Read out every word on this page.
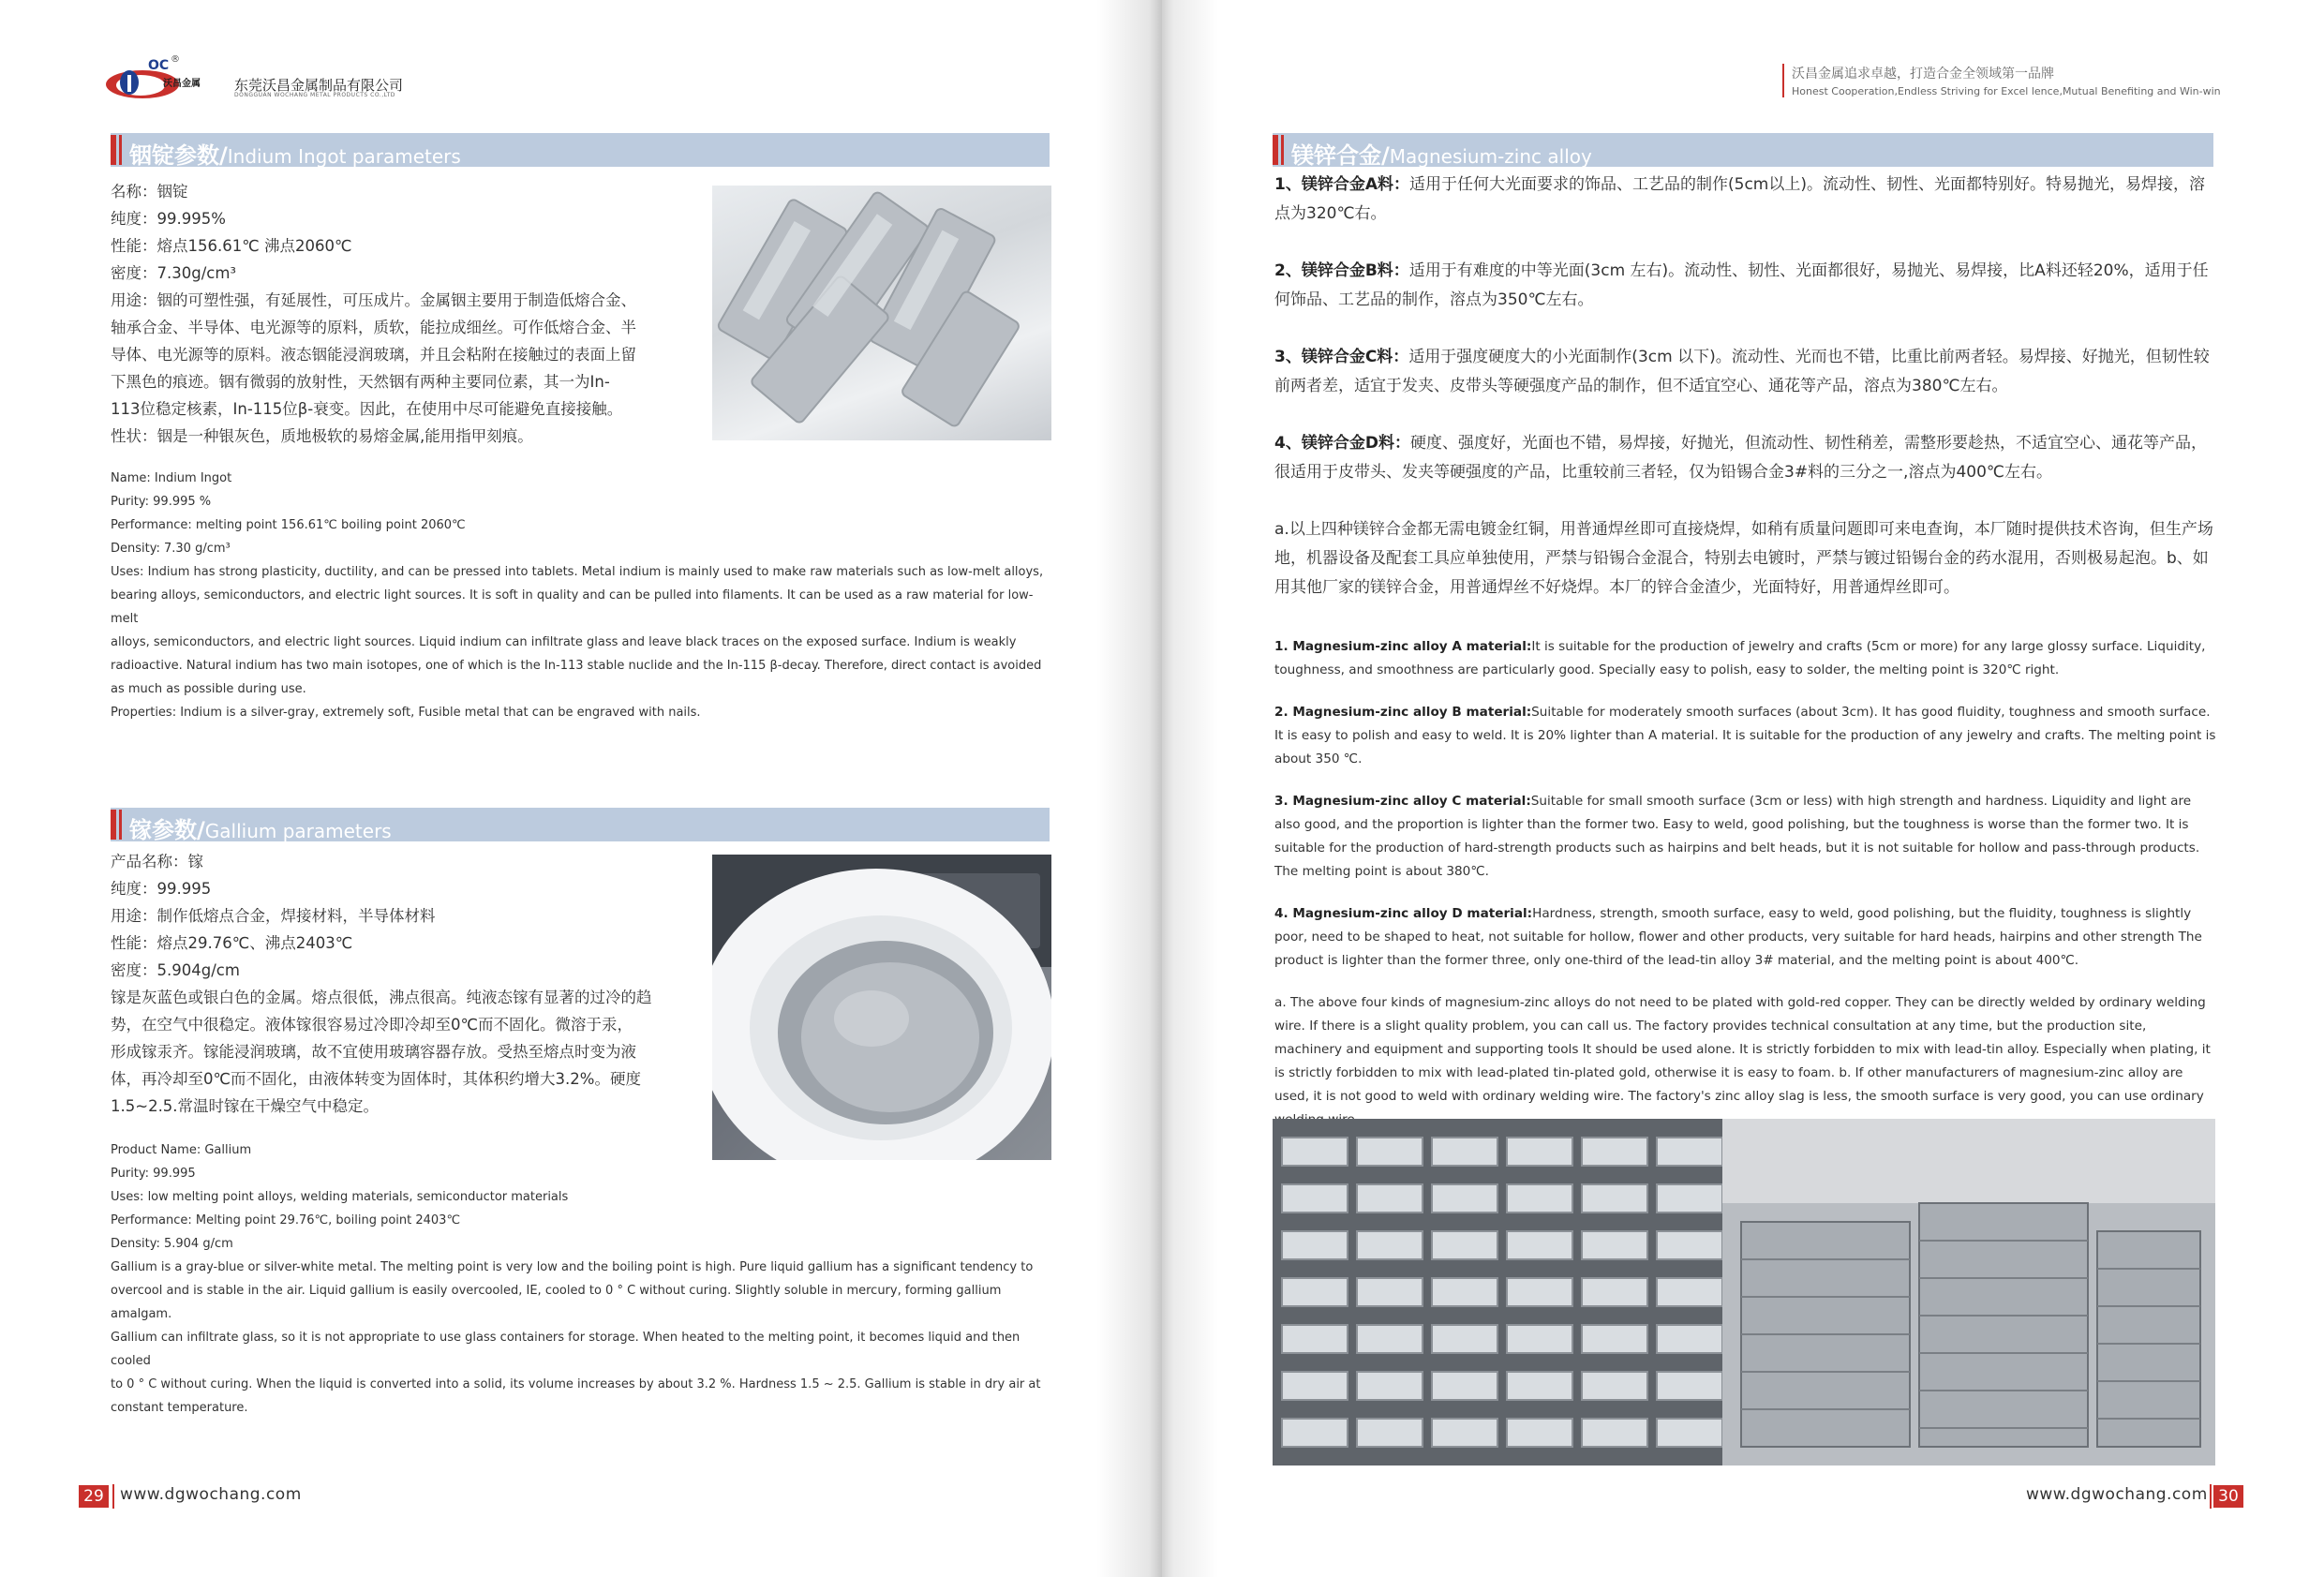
OC ®
沃昌金属 东莞沃昌金属制品有限公司
DONGGUAN WOCHANG METAL PRODUCTS CO.,LTD
铟锭参数/Indium Ingot parameters

名称：铟锭

纯度：99.995%

性能：熔点156.61℃ 沸点2060℃

密度：7.30g/cm³

用途：铟的可塑性强，有延展性，可压成片。金属铟主要用于制造低熔合金、

轴承合金、半导体、电光源等的原料，质软，能拉成细丝。可作低熔合金、半

导体、电光源等的原料。液态铟能浸润玻璃，并且会粘附在接触过的表面上留

下黑色的痕迹。铟有微弱的放射性，天然铟有两种主要同位素，其一为In-

113位稳定核素，In-115位β-衰变。因此，在使用中尽可能避免直接接触。

性状：铟是一种银灰色，质地极软的易熔金属,能用指甲刻痕。

Name: Indium Ingot

Purity: 99.995 %

Performance: melting point 156.61℃ boiling point 2060℃

Density: 7.30 g/cm³

Uses: Indium has strong plasticity, ductility, and can be pressed into tablets. Metal indium is mainly used to make raw materials such as low-melt alloys,

bearing alloys, semiconductors, and electric light sources. It is soft in quality and can be pulled into filaments. It can be used as a raw material for low-melt

alloys, semiconductors, and electric light sources. Liquid indium can infiltrate glass and leave black traces on the exposed surface. Indium is weakly

radioactive. Natural indium has two main isotopes, one of which is the In-113 stable nuclide and the In-115 β-decay. Therefore, direct contact is avoided

as much as possible during use.

Properties: Indium is a silver-gray, extremely soft, Fusible metal that can be engraved with nails.

镓参数/Gallium parameters

产品名称：镓

纯度：99.995

用途：制作低熔点合金，焊接材料，半导体材料

性能：熔点29.76℃、沸点2403℃

密度：5.904g/cm

镓是灰蓝色或银白色的金属。熔点很低，沸点很高。纯液态镓有显著的过冷的趋

势，在空气中很稳定。液体镓很容易过冷即冷却至0℃而不固化。微溶于汞，

形成镓汞齐。镓能浸润玻璃，故不宜使用玻璃容器存放。受热至熔点时变为液

体，再冷却至0℃而不固化，由液体转变为固体时，其体积约增大3.2%。硬度

1.5~2.5.常温时镓在干燥空气中稳定。

Product Name: Gallium

Purity: 99.995

Uses: low melting point alloys, welding materials, semiconductor materials

Performance: Melting point 29.76℃, boiling point 2403℃

Density: 5.904 g/cm

Gallium is a gray-blue or silver-white metal. The melting point is very low and the boiling point is high. Pure liquid gallium has a significant tendency to

overcool and is stable in the air. Liquid gallium is easily overcooled, IE, cooled to 0 ° C without curing. Slightly soluble in mercury, forming gallium amalgam.

Gallium can infiltrate glass, so it is not appropriate to use glass containers for storage. When heated to the melting point, it becomes liquid and then cooled

to 0 ° C without curing. When the liquid is converted into a solid, its volume increases by about 3.2 %. Hardness 1.5 ~ 2.5. Gallium is stable in dry air at

constant temperature.

29	www.dgwochang.com
沃昌金属追求卓越，打造合金全领域第一品牌
Honest Cooperation,Endless Striving for Excel lence,Mutual Benefiting and Win-win
镁锌合金/Magnesium-zinc alloy

1、镁锌合金A料：适用于任何大光面要求的饰品、工艺品的制作(5cm以上)。流动性、韧性、光面都特别好。特易抛光，易焊接，溶点为320℃右。

2、镁锌合金B料：适用于有难度的中等光面(3cm 左右)。流动性、韧性、光面都很好，易抛光、易焊接，比A料还轻20%，适用于任何饰品、工艺品的制作，溶点为350℃左右。

3、镁锌合金C料：适用于强度硬度大的小光面制作(3cm 以下)。流动性、光而也不错，比重比前两者轻。易焊接、好抛光，但韧性较前两者差，适宜于发夹、皮带头等硬强度产品的制作，但不适宜空心、通花等产品，溶点为380℃左右。

4、镁锌合金D料：硬度、强度好，光面也不错，易焊接，好抛光，但流动性、韧性稍差，需整形要趁热，不适宜空心、通花等产品，很适用于皮带头、发夹等硬强度的产品，比重较前三者轻，仅为铅锡合金3#料的三分之一,溶点为400℃左右。

a.以上四种镁锌合金都无需电镀金红铜，用普通焊丝即可直接烧焊，如稍有质量问题即可来电查询，本厂随时提供技术咨询，但生产场地，机器设备及配套工具应单独使用，严禁与铅锡合金混合，特别去电镀时，严禁与镀过铅锡台金的药水混用，否则极易起泡。b、如用其他厂家的镁锌合金，用普通焊丝不好烧焊。本厂的锌合金渣少，光面特好，用普通焊丝即可。

1. Magnesium-zinc alloy A material:It is suitable for the production of jewelry and crafts (5cm or more) for any large glossy surface. Liquidity, toughness, and smoothness are particularly good. Specially easy to polish, easy to solder, the melting point is 320℃ right.

2. Magnesium-zinc alloy B material:Suitable for moderately smooth surfaces (about 3cm). It has good fluidity, toughness and smooth surface. It is easy to polish and easy to weld. It is 20% lighter than A material. It is suitable for the production of any jewelry and crafts. The melting point is about 350 ℃.

3. Magnesium-zinc alloy C material:Suitable for small smooth surface (3cm or less) with high strength and hardness. Liquidity and light are also good, and the proportion is lighter than the former two. Easy to weld, good polishing, but the toughness is worse than the former two. It is suitable for the production of hard-strength products such as hairpins and belt heads, but it is not suitable for hollow and pass-through products. The melting point is about 380℃.

4. Magnesium-zinc alloy D material:Hardness, strength, smooth surface, easy to weld, good polishing, but the fluidity, toughness is slightly poor, need to be shaped to heat, not suitable for hollow, flower and other products, very suitable for hard heads, hairpins and other strength The product is lighter than the former three, only one-third of the lead-tin alloy 3# material, and the melting point is about 400℃.

a. The above four kinds of magnesium-zinc alloys do not need to be plated with gold-red copper. They can be directly welded by ordinary welding wire. If there is a slight quality problem, you can call us. The factory provides technical consultation at any time, but the production site, machinery and equipment and supporting tools It should be used alone. It is strictly forbidden to mix with lead-tin alloy. Especially when plating, it is strictly forbidden to mix with lead-plated tin-plated gold, otherwise it is easy to foam. b. If other manufacturers of magnesium-zinc alloy are used, it is not good to weld with ordinary welding wire. The factory's zinc alloy slag is less, the smooth surface is very good, you can use ordinary

www.dgwochang.com 30
